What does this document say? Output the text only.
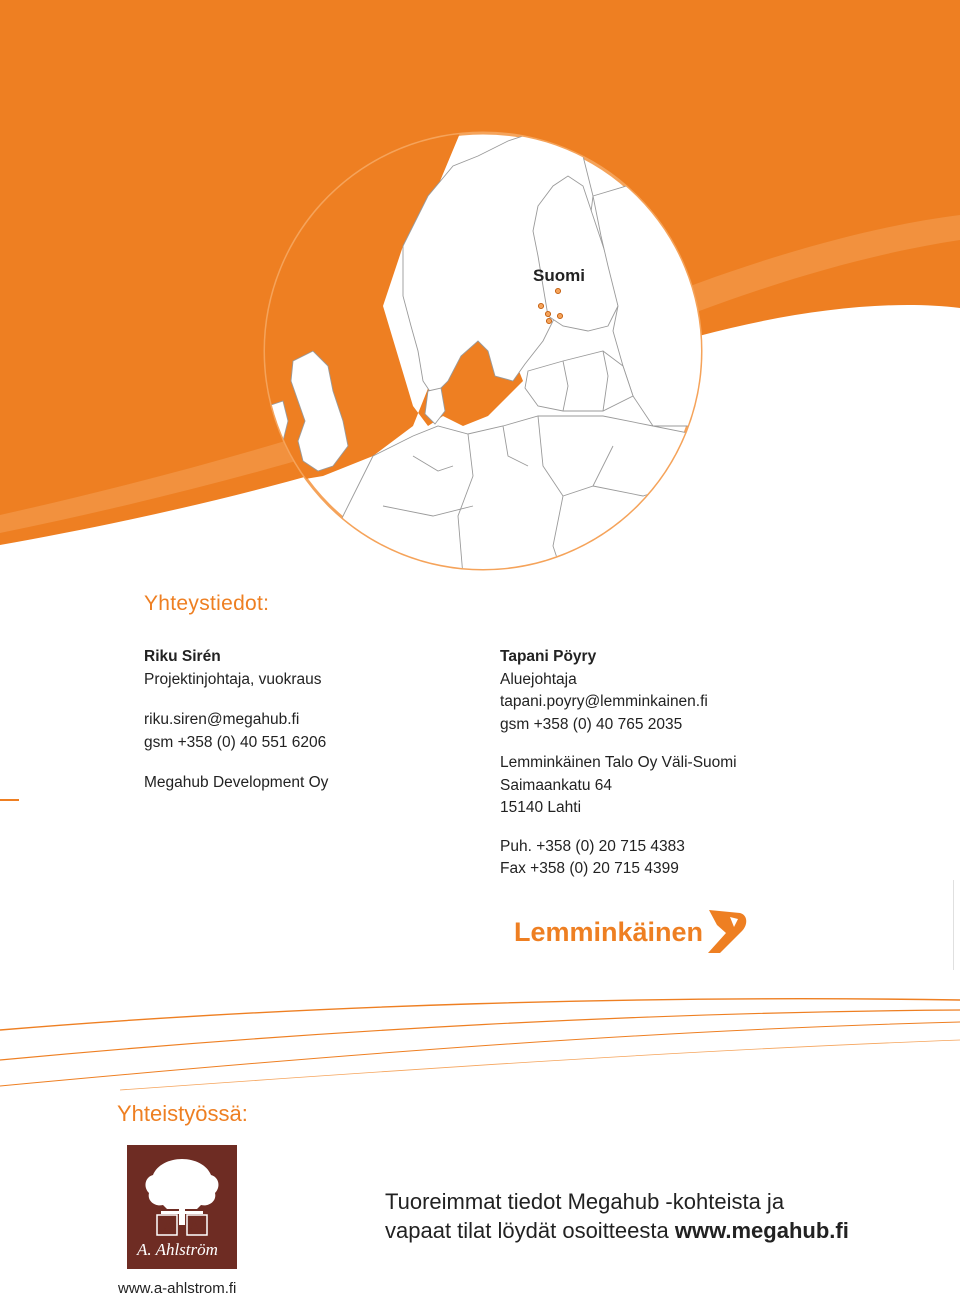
Suomi
Yhteystiedot:
Riku Sirén
Projektinjohtaja, vuokraus
riku.siren@megahub.fi
gsm +358 (0) 40 551 6206
Megahub Development Oy
Tapani Pöyry
Aluejohtaja
tapani.poyry@lemminkainen.fi
gsm +358 (0) 40 765 2035
Lemminkäinen Talo Oy Väli-Suomi
Saimaankatu 64
15140 Lahti
Puh. +358 (0) 20 715 4383
Fax +358 (0) 20 715 4399
Lemminkäinen
Yhteistyössä:
A A
A. Ahlström
www.a-ahlstrom.fi
Tuoreimmat tiedot Megahub -kohteista ja
vapaat tilat löydät osoitteesta www.megahub.fi
